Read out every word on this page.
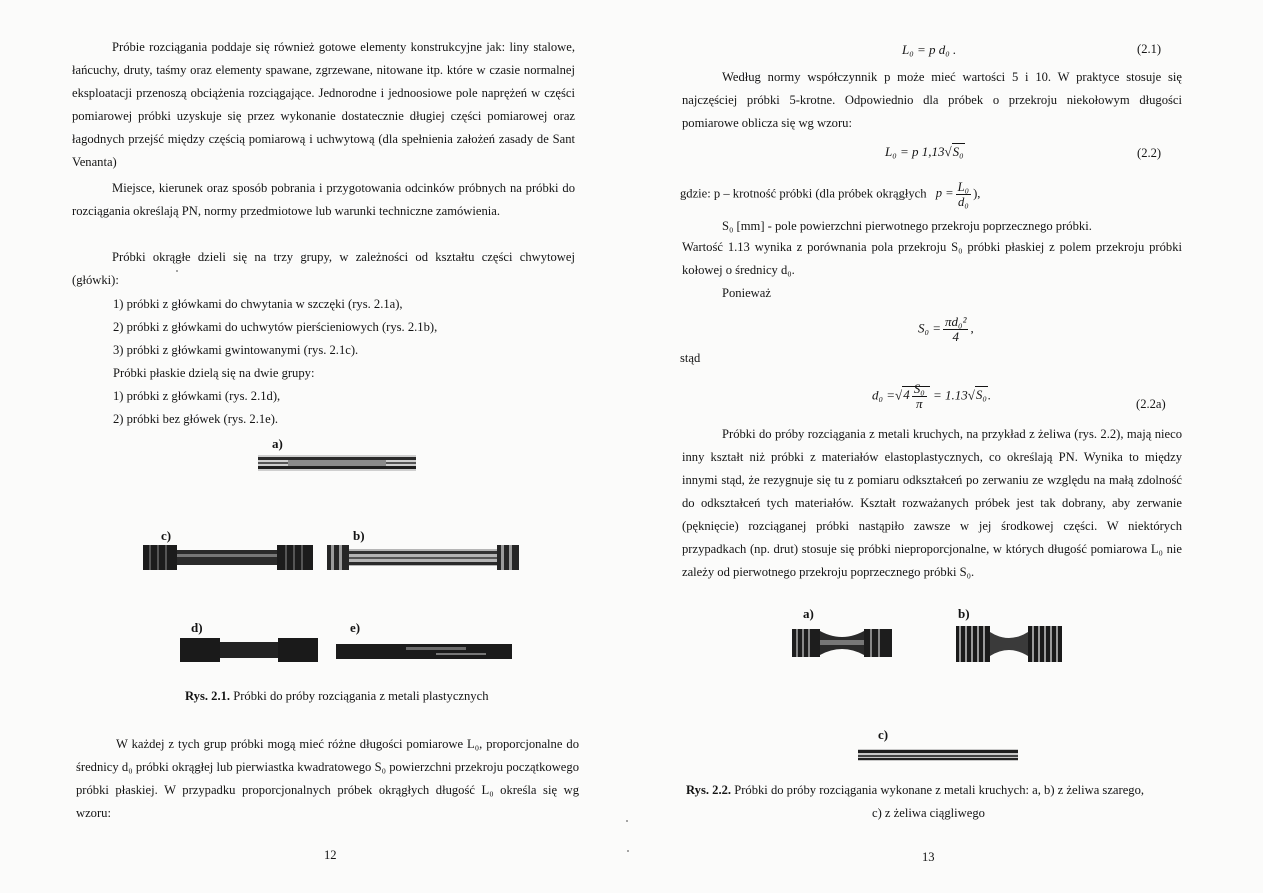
Próbie rozciągania poddaje się również gotowe elementy konstrukcyjne jak: liny stalowe, łańcuchy, druty, taśmy oraz elementy spawane, zgrzewane, nitowane itp. które w czasie normalnej eksploatacji przenoszą obciążenia rozciągające. Jednorodne i jednoosiowe pole naprężeń w części pomiarowej próbki uzyskuje się przez wykonanie dostatecznie długiej części pomiarowej oraz łagodnych przejść między częścią pomiarową i uchwytową (dla spełnienia założeń zasady de Sant Venanta)
Miejsce, kierunek oraz sposób pobrania i przygotowania odcinków próbnych na próbki do rozciągania określają PN, normy przedmiotowe lub warunki techniczne zamówienia.
Próbki okrągłe dzieli się na trzy grupy, w zależności od kształtu części chwytowej (główki):
1) próbki z główkami do chwytania w szczęki (rys. 2.1a),
2) próbki z główkami do uchwytów pierścieniowych (rys. 2.1b),
3) próbki z główkami gwintowanymi (rys. 2.1c).
Próbki płaskie dzielą się na dwie grupy:
1) próbki z główkami (rys. 2.1d),
2) próbki bez główek (rys. 2.1e).
a)
c)	b)
d)	e)
Rys. 2.1. Próbki do próby rozciągania z metali plastycznych
W każdej z tych grup próbki mogą mieć różne długości pomiarowe L₀, proporcjonalne do średnicy d₀ próbki okrągłej lub pierwiastka kwadratowego S₀ powierzchni przekroju początkowego próbki płaskiej. W przypadku proporcjonalnych próbek okrągłych długość L₀ określa się wg wzoru:
12
L₀ = p d₀ .	(2.1)
Według normy współczynnik p może mieć wartości 5 i 10. W praktyce stosuje się najczęściej próbki 5-krotne. Odpowiednio dla próbek o przekroju niekołowym długości pomiarowe oblicza się wg wzoru:
L₀ = p 1,13√S₀	(2.2)
gdzie: p – krotność próbki (dla próbek okrągłych $p = \frac{\text{L₀}}{\text{d₀}}$ ),
S₀ [mm] - pole powierzchni pierwotnego przekroju poprzecznego próbki.
Wartość 1.13 wynika z porównania pola przekroju S₀ próbki płaskiej z polem przekroju próbki kołowej o średnicy d₀.
Ponieważ
$S_0 = \frac{\text{πd₀²}}{4}$ ,
stąd
$d_0 =√4 \frac{\text{S₀}}{\pi} = 1.13√S_0$.
(2.2a)
Próbki do próby rozciągania z metali kruchych, na przykład z żeliwa (rys. 2.2), mają nieco inny kształt niż próbki z materiałów elastoplastycznych, co określają PN. Wynika to między innymi stąd, że rezygnuje się tu z pomiaru odkształceń po zerwaniu ze względu na małą zdolność do odkształceń tych materiałów. Kształt rozważanych próbek jest tak dobrany, aby zerwanie (pęknięcie) rozciąganej próbki nastąpiło zawsze w jej środkowej części. W niektórych przypadkach (np. drut) stosuje się próbki nieproporcjonalne, w których długość pomiarowa L₀ nie zależy od pierwotnego przekroju poprzecznego próbki S₀.
a)	b)
c)
Rys. 2.2. Próbki do próby rozciągania wykonane z metali kruchych: a, b) z żeliwa szarego,
c) z żeliwa ciągliwego
13
